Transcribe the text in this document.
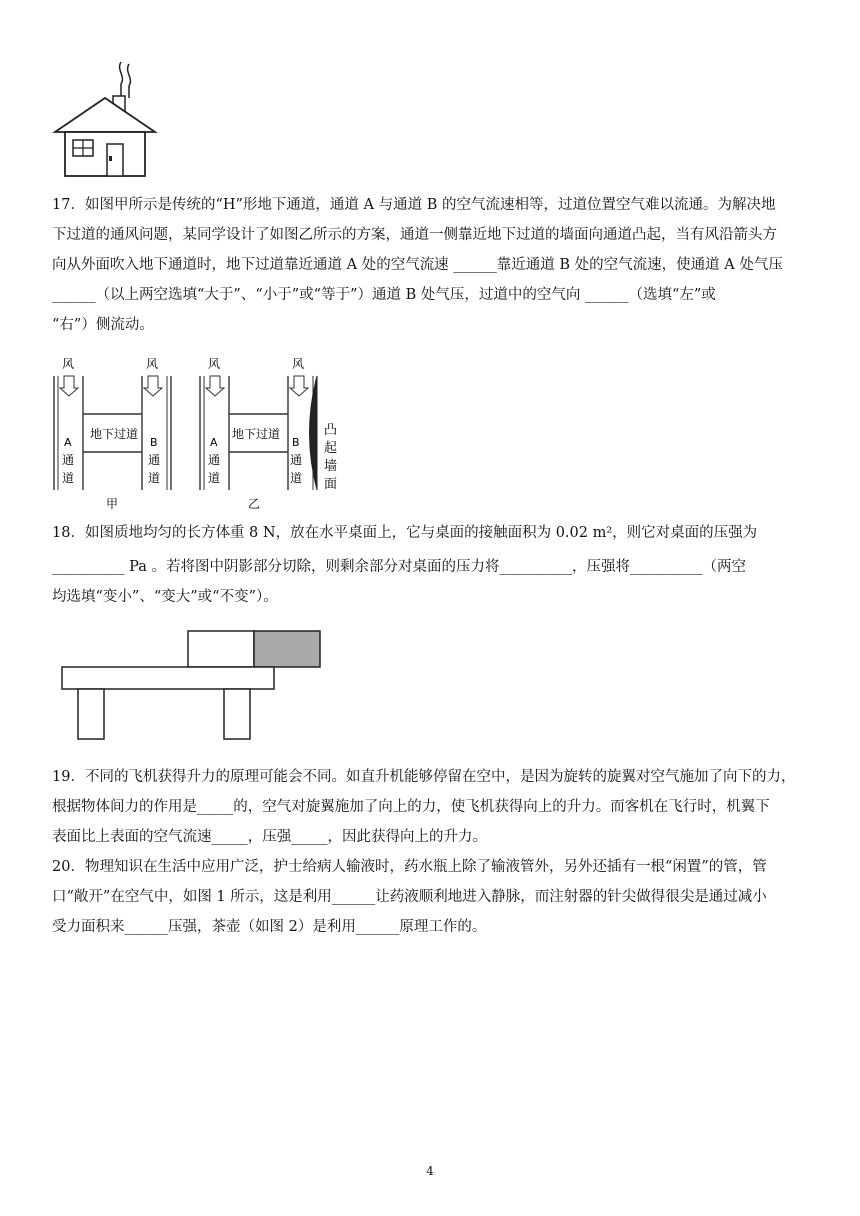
17．如图甲所示是传统的“H”形地下通道，通道 A 与通道 B 的空气流速相等，过道位置空气难以流通。为解决地
下过道的通风问题，某同学设计了如图乙所示的方案，通道一侧靠近地下过道的墙面向通道凸起，当有风沿箭头方
向从外面吹入地下通道时，地下过道靠近通道 A 处的空气流速 ______靠近通道 B 处的空气流速，使通道 A 处气压
______（以上两空选填“大于”、“小于”或“等于”）通道 B 处气压，过道中的空气向 ______（选填“左”或
“右”）侧流动。
风	风
地下过道
A
通
道
B
通
道
甲
风	风
地下过道
A
通
道
B
通
道
凸
起
墙
面
乙
18．如图质地均匀的长方体重 8 N，放在水平桌面上，它与桌面的接触面积为 0.02 m²，则它对桌面的压强为
__________ Pa 。若将图中阴影部分切除，则剩余部分对桌面的压力将__________，压强将__________（两空
均选填“变小”、“变大”或“不变”）。
19．不同的飞机获得升力的原理可能会不同。如直升机能够停留在空中，是因为旋转的旋翼对空气施加了向下的力，
根据物体间力的作用是_____的，空气对旋翼施加了向上的力，使飞机获得向上的升力。而客机在飞行时，机翼下
表面比上表面的空气流速_____，压强_____，因此获得向上的升力。
20．物理知识在生活中应用广泛，护士给病人输液时，药水瓶上除了输液管外，另外还插有一根“闲置”的管，管
口“敞开”在空气中，如图 1 所示，这是利用______让药液顺利地进入静脉，而注射器的针尖做得很尖是通过减小
受力面积来______压强，茶壶（如图 2）是利用______原理工作的。
4
